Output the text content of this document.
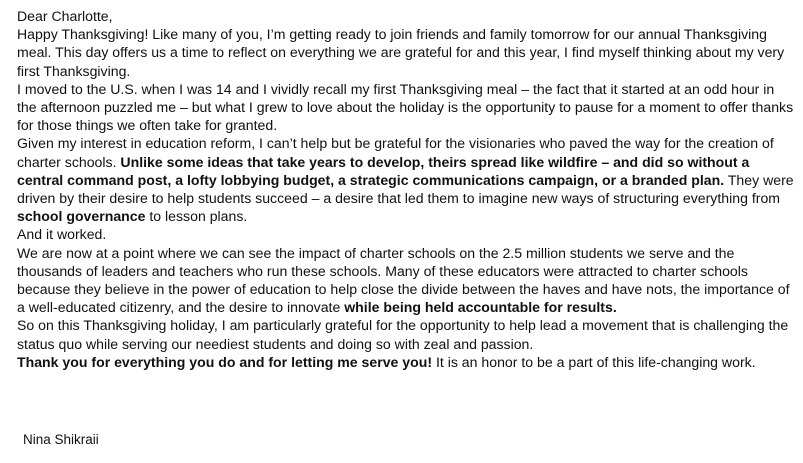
Dear Charlotte,

Happy Thanksgiving! Like many of you, I’m getting ready to join friends and family tomorrow for our annual Thanksgiving meal. This day offers us a time to reflect on everything we are grateful for and this year, I find myself thinking about my very first Thanksgiving.

I moved to the U.S. when I was 14 and I vividly recall my first Thanksgiving meal – the fact that it started at an odd hour in the afternoon puzzled me – but what I grew to love about the holiday is the opportunity to pause for a moment to offer thanks for those things we often take for granted.

Given my interest in education reform, I can’t help but be grateful for the visionaries who paved the way for the creation of charter schools. Unlike some ideas that take years to develop, theirs spread like wildfire – and did so without a central command post, a lofty lobbying budget, a strategic communications campaign, or a branded plan. They were driven by their desire to help students succeed – a desire that led them to imagine new ways of structuring everything from school governance to lesson plans.

And it worked.

We are now at a point where we can see the impact of charter schools on the 2.5 million students we serve and the thousands of leaders and teachers who run these schools. Many of these educators were attracted to charter schools because they believe in the power of education to help close the divide between the haves and have nots, the importance of a well-educated citizenry, and the desire to innovate while being held accountable for results.

So on this Thanksgiving holiday, I am particularly grateful for the opportunity to help lead a movement that is challenging the status quo while serving our neediest students and doing so with zeal and passion.

Thank you for everything you do and for letting me serve you! It is an honor to be a part of this life-changing work.

Nina Shikraii
